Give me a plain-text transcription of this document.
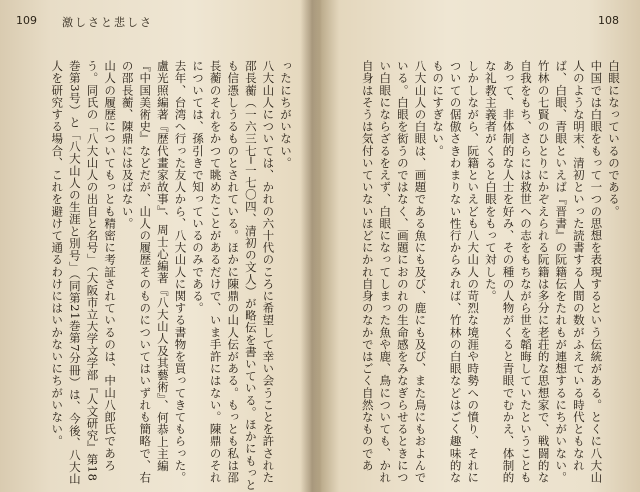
109 激しさと悲しさ	108

ったにちがいない。

八大山人については、かれの六十代のころに希望して幸い会うことを許された邵長蘅（一六三七─一七〇四、清初の文人）が略伝を書いている。ほかにもっとも信憑しうるものとされている。ほかに陳鼎の山人伝がある。もっとも私は邵長蘅のそれをかつて眺めたことがあるだけで、いま手許にはない。陳鼎のそれについては、孫引きで知っているのみである。

去年、台湾へ行った友人から、八大山人に関する書物を買ってきてもらった。盧光照編著『歴代畫家故事』、周士心編著『八大山人及其藝術』、何恭上主編『中国美術史』などだが、山人の履歴そのものについてはいずれも簡略で、右の邵長蘅、陳鼎には及ばない。

山人の履歴についてもっとも精密に考証されているのは、中山八郎氏であろう。同氏の「八大山人の出自と名号」（大阪市立大学文学部『人文研究』第18巻第3号）と「八大山人の生涯と別号」（同第21巻第7分冊）は、今後、八大山人を研究する場合、これを避けて通るわけにはいかないにちがいない。	白眼になっているのである。

中国では白眼をもって一つの思想を表現するという伝統がある。とくに八大山人のような明末、清初といった読書する人間の数がふえている時代ともなれば、白眼、青眼といえば『晋書』の阮籍伝をたれもが連想するにちがいない。竹林の七賢のひとりにかぞえられる阮籍は多分に老荘的な思想家で、戦闘的な自我をもち、さらには救世への志をもちながら世を韜晦していたということもあって、非体制的な人士を好み、その種の人物がくると青眼でむかえ、体制的な礼教主義者がくると白眼をもって対した。

しかしながら、阮籍といえども八大山人の苛烈な境涯や時勢への憤り、それについての倨傲さきわまりない性行からみれば、竹林の白眼などはごく趣味的なものにすぎない。

八大山人の白眼は、画題である魚にも及び、鹿にも及び、また鳥にもおよんでいる。白眼を衒うのではなく、画題におのれの生命感をみなぎらせるときについ白眼にならざるをえず、白眼になってしまった魚や鹿、鳥についても、かれ自身はそうは気付いていないほどにかれ自身のなかではごく自然なものであ
